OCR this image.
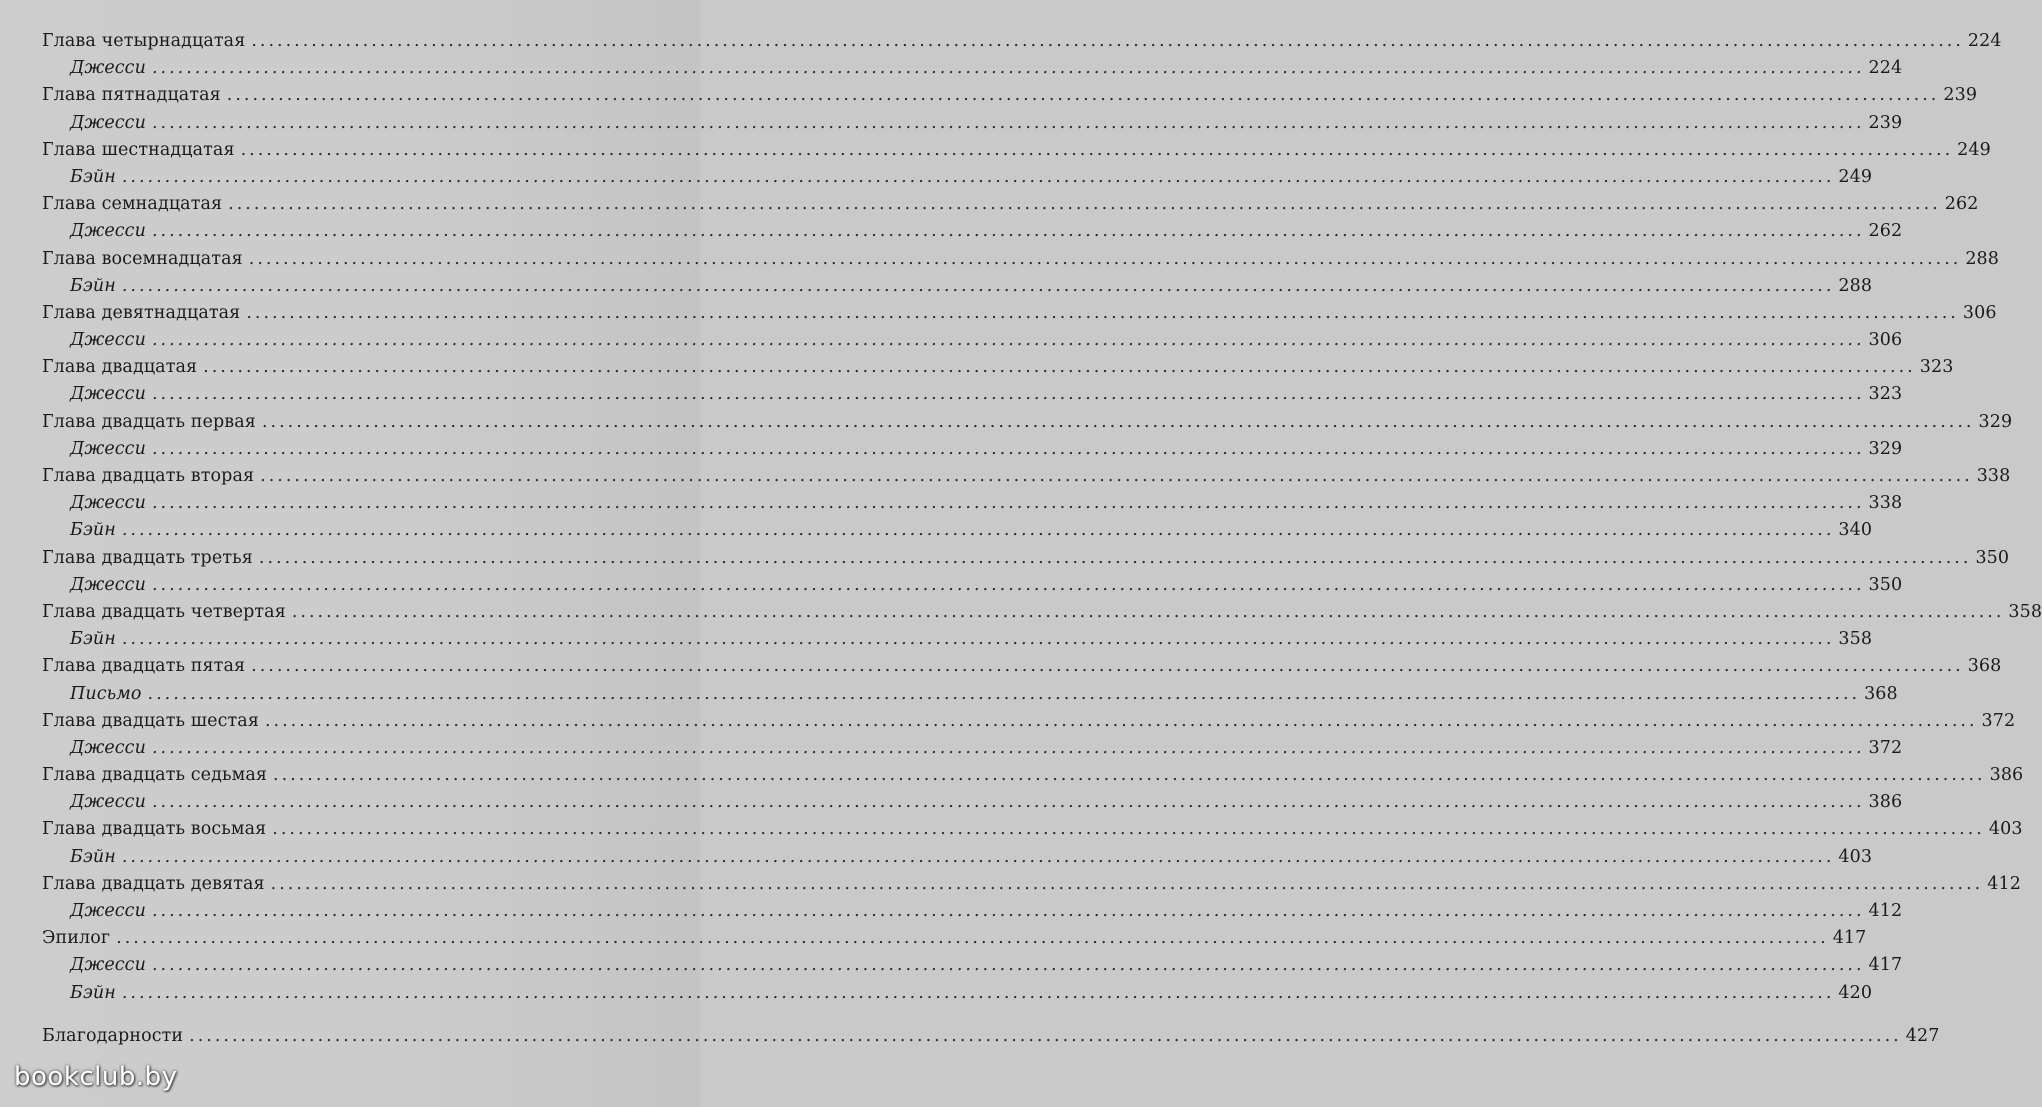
Глава четырнадцатая ........................................................................................................................................................................................................ 224
Джесси ........................................................................................................................................................................................................ 224
Глава пятнадцатая ........................................................................................................................................................................................................ 239
Джесси ........................................................................................................................................................................................................ 239
Глава шестнадцатая ........................................................................................................................................................................................................ 249
Бэйн ........................................................................................................................................................................................................ 249
Глава семнадцатая ........................................................................................................................................................................................................ 262
Джесси ........................................................................................................................................................................................................ 262
Глава восемнадцатая ........................................................................................................................................................................................................ 288
Бэйн ........................................................................................................................................................................................................ 288
Глава девятнадцатая ........................................................................................................................................................................................................ 306
Джесси ........................................................................................................................................................................................................ 306
Глава двадцатая ........................................................................................................................................................................................................ 323
Джесси ........................................................................................................................................................................................................ 323
Глава двадцать первая ........................................................................................................................................................................................................ 329
Джесси ........................................................................................................................................................................................................ 329
Глава двадцать вторая ........................................................................................................................................................................................................ 338
Джесси ........................................................................................................................................................................................................ 338
Бэйн ........................................................................................................................................................................................................ 340
Глава двадцать третья ........................................................................................................................................................................................................ 350
Джесси ........................................................................................................................................................................................................ 350
Глава двадцать четвертая ........................................................................................................................................................................................................ 358
Бэйн ........................................................................................................................................................................................................ 358
Глава двадцать пятая ........................................................................................................................................................................................................ 368
Письмо ........................................................................................................................................................................................................ 368
Глава двадцать шестая ........................................................................................................................................................................................................ 372
Джесси ........................................................................................................................................................................................................ 372
Глава двадцать седьмая ........................................................................................................................................................................................................ 386
Джесси ........................................................................................................................................................................................................ 386
Глава двадцать восьмая ........................................................................................................................................................................................................ 403
Бэйн ........................................................................................................................................................................................................ 403
Глава двадцать девятая ........................................................................................................................................................................................................ 412
Джесси ........................................................................................................................................................................................................ 412
Эпилог ........................................................................................................................................................................................................ 417
Джесси ........................................................................................................................................................................................................ 417
Бэйн ........................................................................................................................................................................................................ 420
Благодарности ........................................................................................................................................................................................................ 427
bookclub.by
